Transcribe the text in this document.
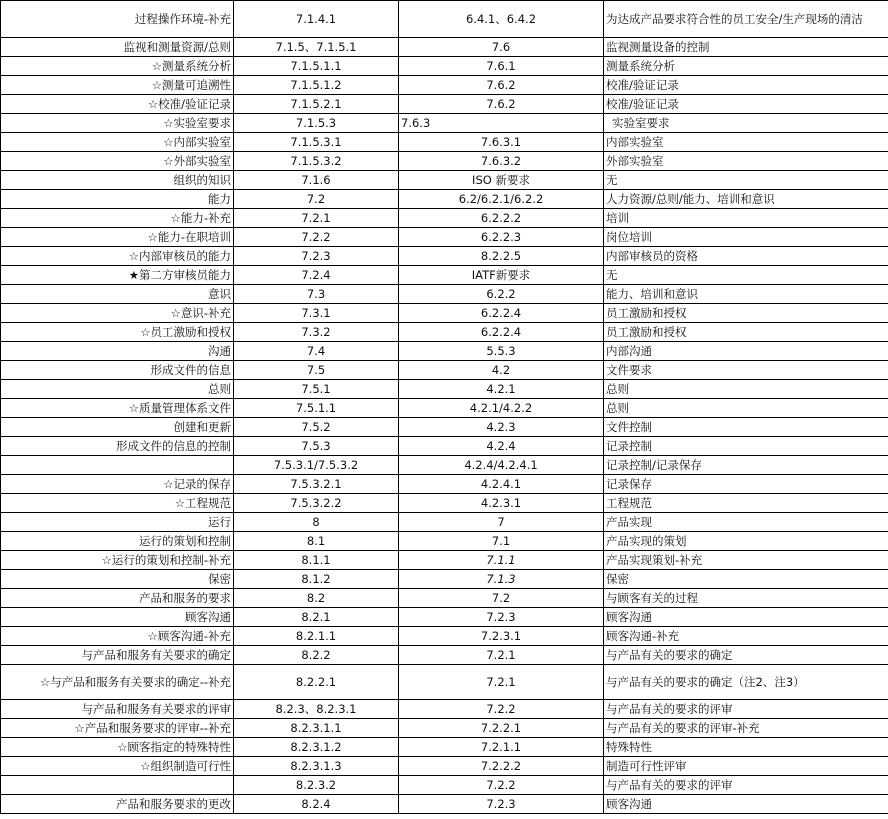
过程操作环境-补充	7.1.4.1	6.4.1、6.4.2	为达成产品要求符合性的员工安全/生产现场的清洁
监视和测量资源/总则	7.1.5、7.1.5.1	7.6	监视测量设备的控制
☆测量系统分析	7.1.5.1.1	7.6.1	测量系统分析
☆测量可追溯性	7.1.5.1.2	7.6.2	校准/验证记录
☆校准/验证记录	7.1.5.2.1	7.6.2	校准/验证记录
☆实验室要求	7.1.5.3	7.6.3	实验室要求
☆内部实验室	7.1.5.3.1	7.6.3.1	内部实验室
☆外部实验室	7.1.5.3.2	7.6.3.2	外部实验室
组织的知识	7.1.6	ISO 新要求	无
能力	7.2	6.2/6.2.1/6.2.2	人力资源/总则/能力、培训和意识
☆能力-补充	7.2.1	6.2.2.2	培训
☆能力-在职培训	7.2.2	6.2.2.3	岗位培训
☆内部审核员的能力	7.2.3	8.2.2.5	内部审核员的资格
★第二方审核员能力	7.2.4	IATF新要求	无
意识	7.3	6.2.2	能力、培训和意识
☆意识-补充	7.3.1	6.2.2.4	员工激励和授权
☆员工激励和授权	7.3.2	6.2.2.4	员工激励和授权
沟通	7.4	5.5.3	内部沟通
形成文件的信息	7.5	4.2	文件要求
总则	7.5.1	4.2.1	总则
☆质量管理体系文件	7.5.1.1	4.2.1/4.2.2	总则
创建和更新	7.5.2	4.2.3	文件控制
形成文件的信息的控制	7.5.3	4.2.4	记录控制
	7.5.3.1/7.5.3.2	4.2.4/4.2.4.1	记录控制/记录保存
☆记录的保存	7.5.3.2.1	4.2.4.1	记录保存
☆工程规范	7.5.3.2.2	4.2.3.1	工程规范
运行	8	7	产品实现
运行的策划和控制	8.1	7.1	产品实现的策划
☆运行的策划和控制-补充	8.1.1	7.1.1	产品实现策划-补充
保密	8.1.2	7.1.3	保密
产品和服务的要求	8.2	7.2	与顾客有关的过程
顾客沟通	8.2.1	7.2.3	顾客沟通
☆顾客沟通-补充	8.2.1.1	7.2.3.1	顾客沟通-补充
与产品和服务有关要求的确定	8.2.2	7.2.1	与产品有关的要求的确定
☆与产品和服务有关要求的确定--补充	8.2.2.1	7.2.1	与产品有关的要求的确定（注2、注3）
与产品和服务有关要求的评审	8.2.3、8.2.3.1	7.2.2	与产品有关的要求的评审
☆产品和服务要求的评审--补充	8.2.3.1.1	7.2.2.1	与产品有关的要求的评审-补充
☆顾客指定的特殊特性	8.2.3.1.2	7.2.1.1	特殊特性
☆组织制造可行性	8.2.3.1.3	7.2.2.2	制造可行性评审
	8.2.3.2	7.2.2	与产品有关的要求的评审
产品和服务要求的更改	8.2.4	7.2.3	顾客沟通
